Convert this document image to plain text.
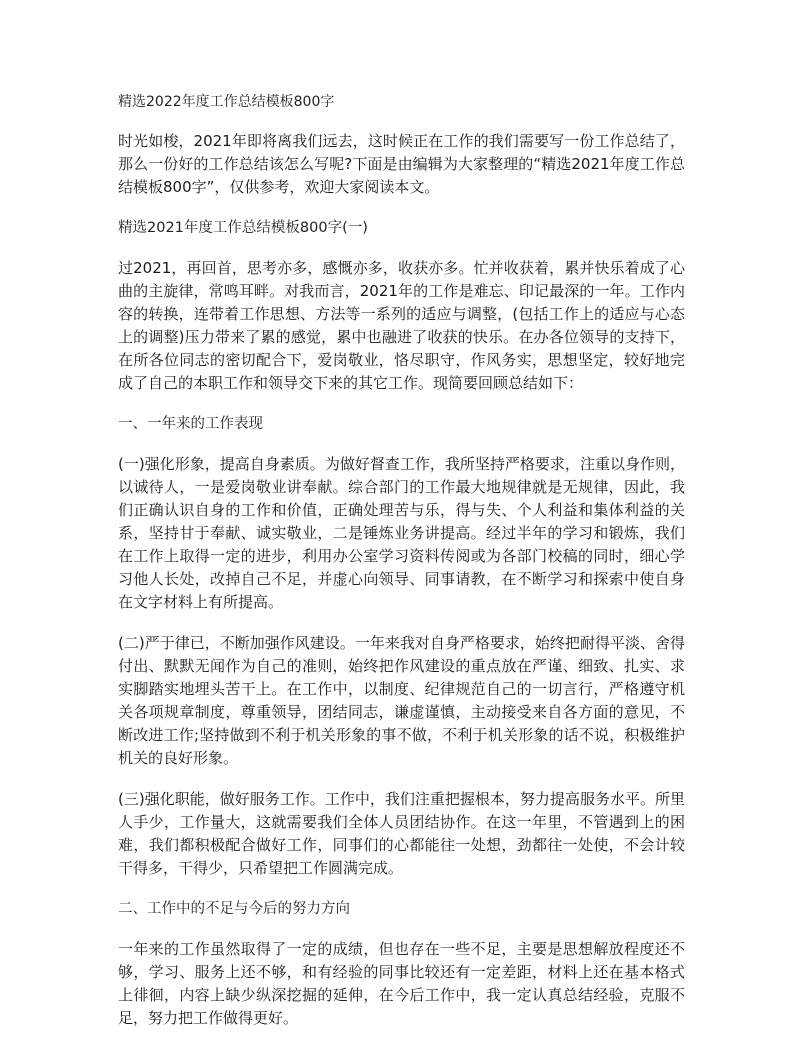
精选2022年度工作总结模板800字
时光如梭，2021年即将离我们远去，这时候正在工作的我们需要写一份工作总结了，那么一份好的工作总结该怎么写呢?下面是由编辑为大家整理的“精选2021年度工作总结模板800字”，仅供参考，欢迎大家阅读本文。
精选2021年度工作总结模板800字(一)
过2021，再回首，思考亦多，感慨亦多，收获亦多。忙并收获着，累并快乐着成了心曲的主旋律，常鸣耳畔。对我而言，2021年的工作是难忘、印记最深的一年。工作内容的转换，连带着工作思想、方法等一系列的适应与调整，(包括工作上的适应与心态上的调整)压力带来了累的感觉，累中也融进了收获的快乐。在办各位领导的支持下，在所各位同志的密切配合下，爱岗敬业，恪尽职守，作风务实，思想坚定，较好地完成了自己的本职工作和领导交下来的其它工作。现简要回顾总结如下：
一、一年来的工作表现
(一)强化形象，提高自身素质。为做好督查工作，我所坚持严格要求，注重以身作则，以诚待人，一是爱岗敬业讲奉献。综合部门的工作最大地规律就是无规律，因此，我们正确认识自身的工作和价值，正确处理苦与乐，得与失、个人利益和集体利益的关系，坚持甘于奉献、诚实敬业，二是锤炼业务讲提高。经过半年的学习和锻炼，我们在工作上取得一定的进步，利用办公室学习资料传阅或为各部门校稿的同时，细心学习他人长处，改掉自己不足，并虚心向领导、同事请教，在不断学习和探索中使自身在文字材料上有所提高。
(二)严于律已，不断加强作风建设。一年来我对自身严格要求，始终把耐得平淡、舍得付出、默默无闻作为自己的准则，始终把作风建设的重点放在严谨、细致、扎实、求实脚踏实地埋头苦干上。在工作中，以制度、纪律规范自己的一切言行，严格遵守机关各项规章制度，尊重领导，团结同志，谦虚谨慎，主动接受来自各方面的意见，不断改进工作;坚持做到不利于机关形象的事不做，不利于机关形象的话不说，积极维护机关的良好形象。
(三)强化职能，做好服务工作。工作中，我们注重把握根本，努力提高服务水平。所里人手少，工作量大，这就需要我们全体人员团结协作。在这一年里，不管遇到上的困难，我们都积极配合做好工作，同事们的心都能往一处想，劲都往一处使，不会计较干得多，干得少，只希望把工作圆满完成。
二、工作中的不足与今后的努力方向
一年来的工作虽然取得了一定的成绩，但也存在一些不足，主要是思想解放程度还不够，学习、服务上还不够，和有经验的同事比较还有一定差距，材料上还在基本格式上徘徊，内容上缺少纵深挖掘的延伸，在今后工作中，我一定认真总结经验，克服不足，努力把工作做得更好。
